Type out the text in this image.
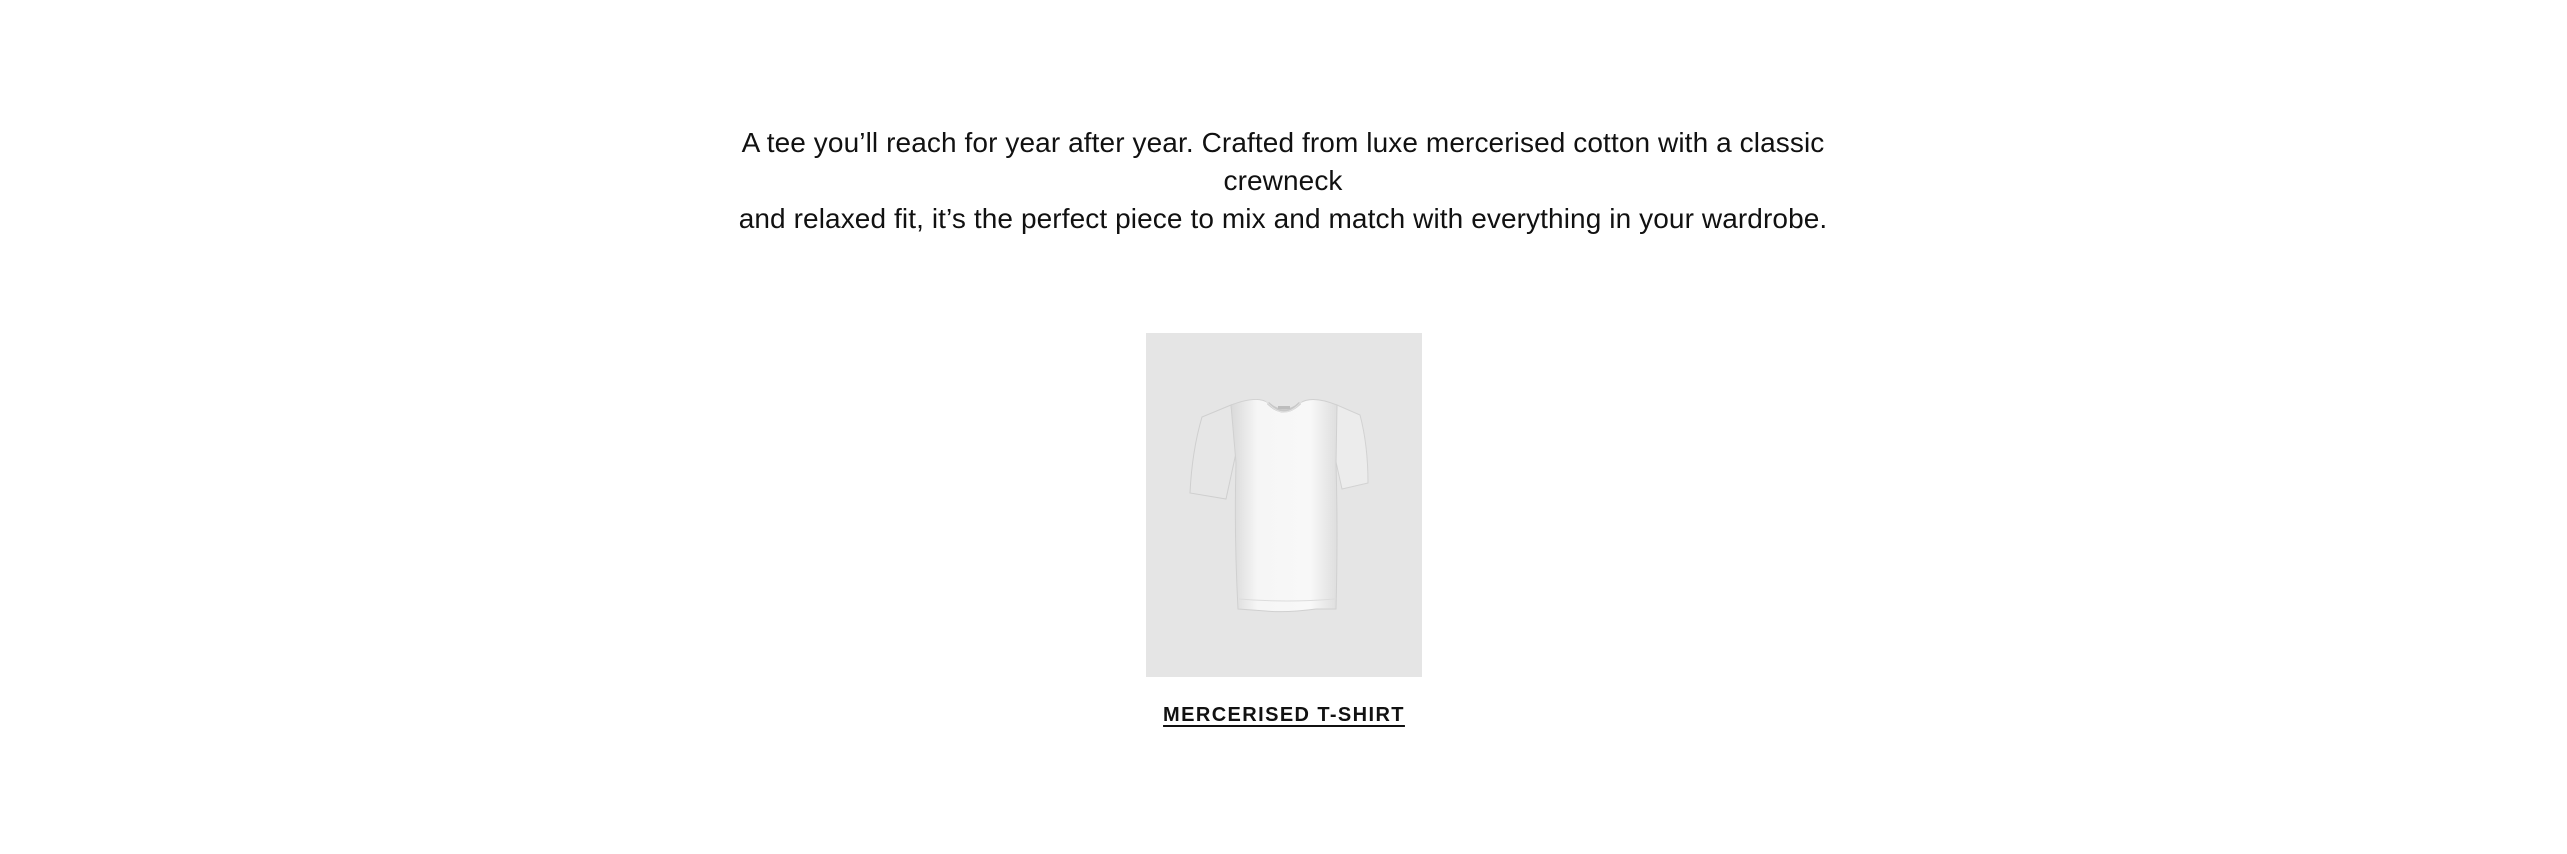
A tee you’ll reach for year after year. Crafted from luxe mercerised cotton with a classic crewneck
and relaxed fit, it’s the perfect piece to mix and match with everything in your wardrobe.
MERCERISED T-SHIRT
